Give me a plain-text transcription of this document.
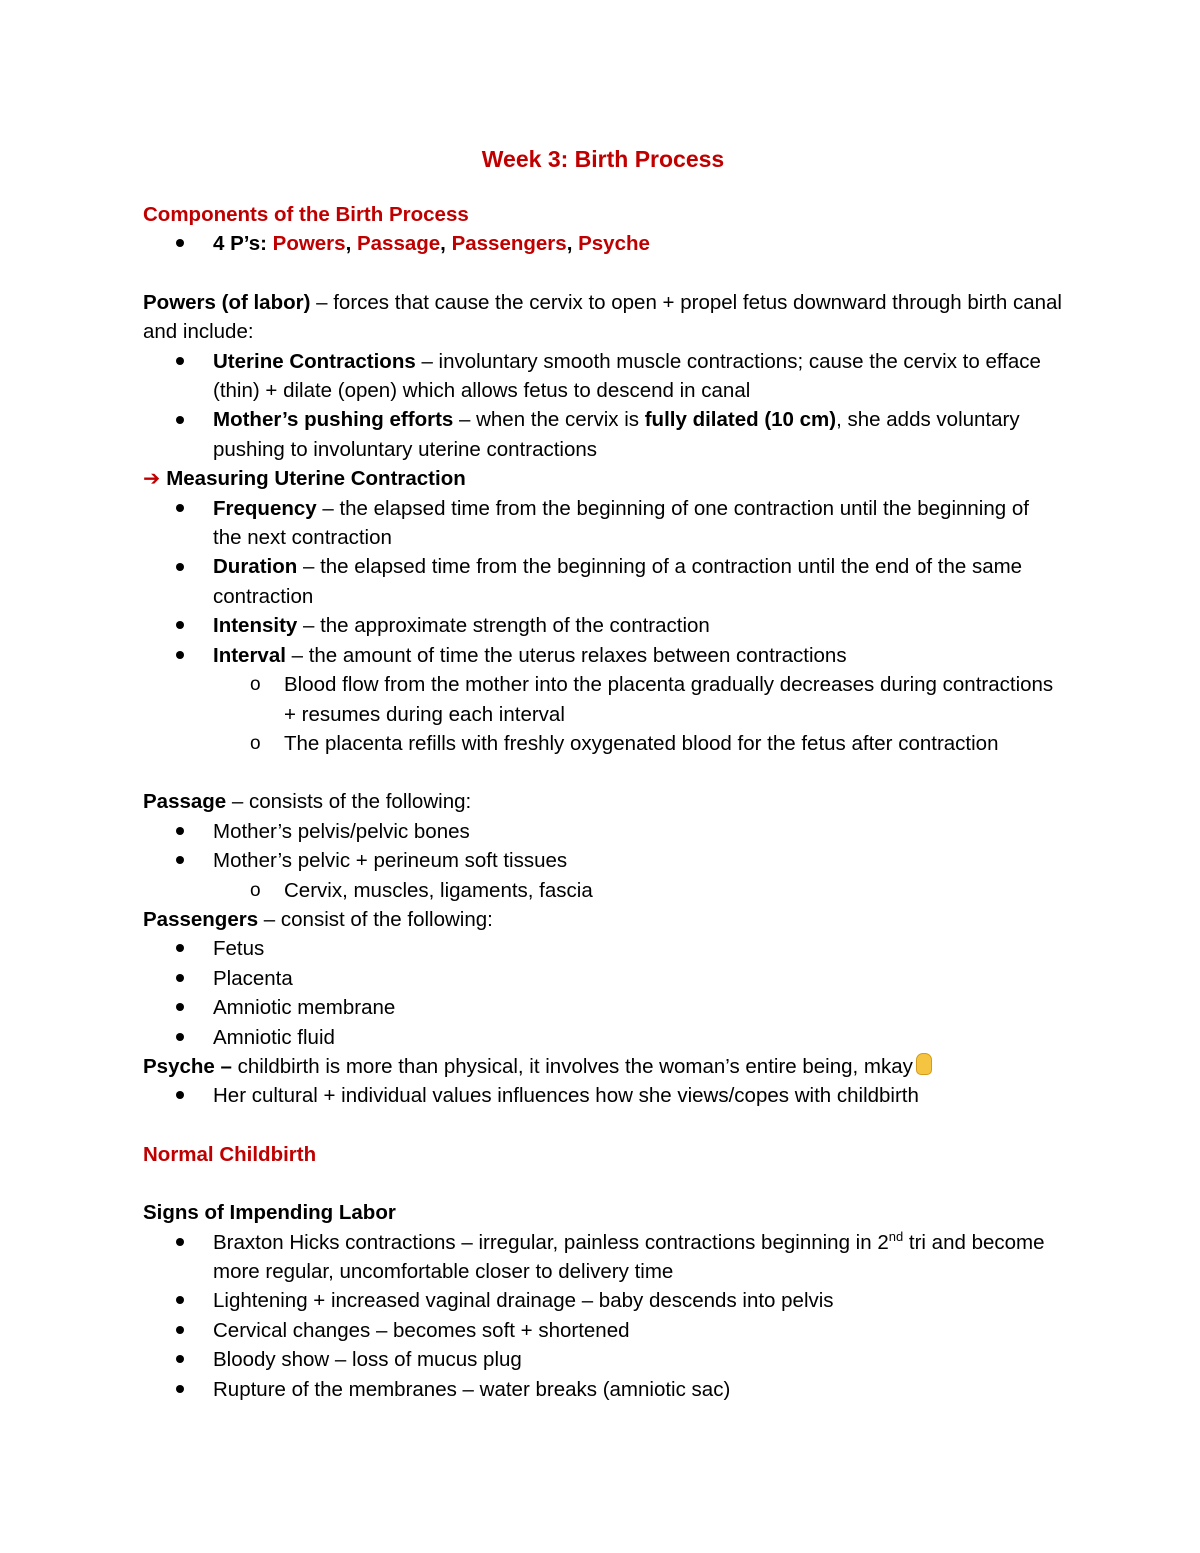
Week 3: Birth Process

Components of the Birth Process

4 P’s: Powers, Passage, Passengers, Psyche

Powers (of labor) – forces that cause the cervix to open + propel fetus downward through birth canal and include:

Uterine Contractions – involuntary smooth muscle contractions; cause the cervix to efface (thin) + dilate (open) which allows fetus to descend in canal
Mother’s pushing efforts – when the cervix is fully dilated (10 cm), she adds voluntary pushing to involuntary uterine contractions

➔ Measuring Uterine Contraction

Frequency – the elapsed time from the beginning of one contraction until the beginning of the next contraction
Duration – the elapsed time from the beginning of a contraction until the end of the same contraction
Intensity – the approximate strength of the contraction
Interval – the amount of time the uterus relaxes between contractions
o Blood flow from the mother into the placenta gradually decreases during contractions + resumes during each interval
o The placenta refills with freshly oxygenated blood for the fetus after contraction

Passage – consists of the following:

Mother’s pelvis/pelvic bones
Mother’s pelvic + perineum soft tissues
o Cervix, muscles, ligaments, fascia

Passengers – consist of the following:

Fetus
Placenta
Amniotic membrane
Amniotic fluid

Psyche – childbirth is more than physical, it involves the woman’s entire being, mkay

Her cultural + individual values influences how she views/copes with childbirth

Normal Childbirth

Signs of Impending Labor

Braxton Hicks contractions – irregular, painless contractions beginning in 2nd tri and become more regular, uncomfortable closer to delivery time
Lightening + increased vaginal drainage – baby descends into pelvis
Cervical changes – becomes soft + shortened
Bloody show – loss of mucus plug
Rupture of the membranes – water breaks (amniotic sac)
